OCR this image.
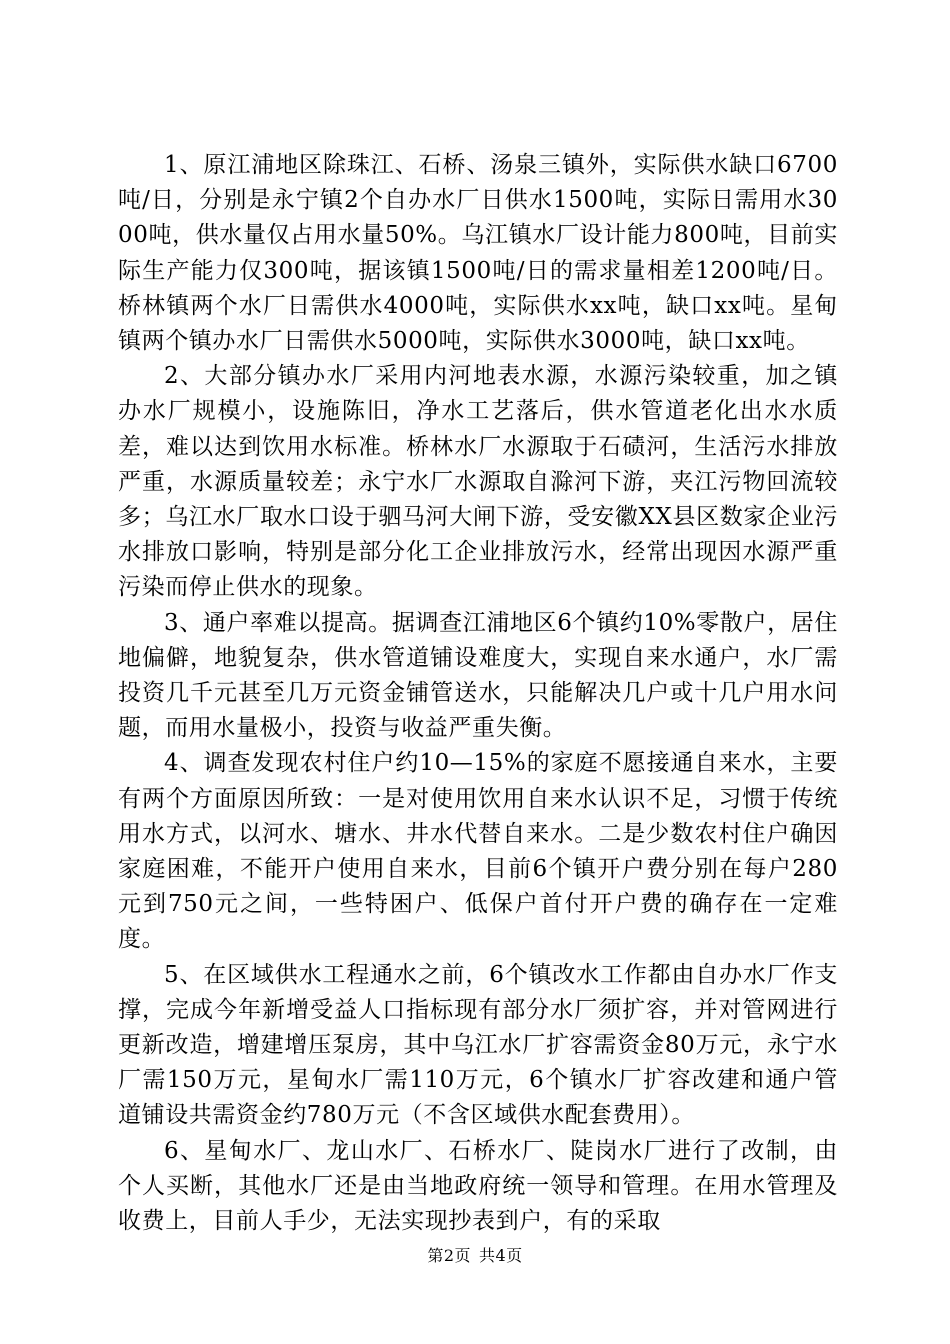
1、原江浦地区除珠江、石桥、汤泉三镇外，实际供水缺口6700吨/日，分别是永宁镇2个自办水厂日供水1500吨，实际日需用水3000吨，供水量仅占用水量50%。乌江镇水厂设计能力800吨，目前实际生产能力仅300吨，据该镇1500吨/日的需求量相差1200吨/日。桥林镇两个水厂日需供水4000吨，实际供水xx吨，缺口xx吨。星甸镇两个镇办水厂日需供水5000吨，实际供水3000吨，缺口xx吨。

2、大部分镇办水厂采用内河地表水源，水源污染较重，加之镇办水厂规模小，设施陈旧，净水工艺落后，供水管道老化出水水质差，难以达到饮用水标准。桥林水厂水源取于石碛河，生活污水排放严重，水源质量较差；永宁水厂水源取自滁河下游，夹江污物回流较多；乌江水厂取水口设于驷马河大闸下游，受安徽XX县区数家企业污水排放口影响，特别是部分化工企业排放污水，经常出现因水源严重污染而停止供水的现象。

3、通户率难以提高。据调查江浦地区6个镇约10%零散户，居住地偏僻，地貌复杂，供水管道铺设难度大，实现自来水通户，水厂需投资几千元甚至几万元资金铺管送水，只能解决几户或十几户用水问题，而用水量极小，投资与收益严重失衡。

4、调查发现农村住户约10—15%的家庭不愿接通自来水，主要有两个方面原因所致：一是对使用饮用自来水认识不足，习惯于传统用水方式，以河水、塘水、井水代替自来水。二是少数农村住户确因家庭困难，不能开户使用自来水，目前6个镇开户费分别在每户280元到750元之间，一些特困户、低保户首付开户费的确存在一定难度。

5、在区域供水工程通水之前，6个镇改水工作都由自办水厂作支撑，完成今年新增受益人口指标现有部分水厂须扩容，并对管网进行更新改造，增建增压泵房，其中乌江水厂扩容需资金80万元，永宁水厂需150万元，星甸水厂需110万元，6个镇水厂扩容改建和通户管道铺设共需资金约780万元（不含区域供水配套费用）。

6、星甸水厂、龙山水厂、石桥水厂、陡岗水厂进行了改制，由个人买断，其他水厂还是由当地政府统一领导和管理。在用水管理及收费上，目前人手少，无法实现抄表到户，有的采取

第2页 共4页
